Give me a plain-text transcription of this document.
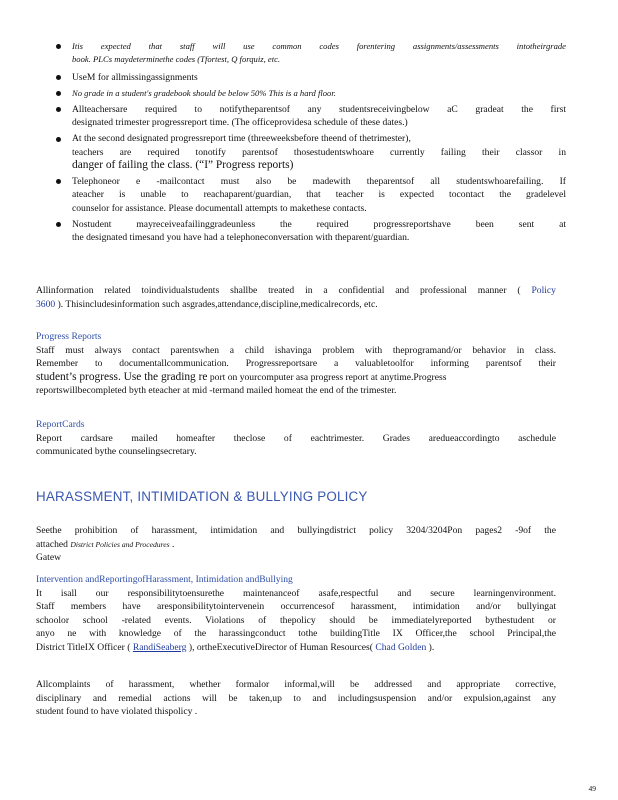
Itis expected that staff will use common codes forentering assignments/assessments intotheirgrade
book. PLCs maydeterminethe codes (Tfortest, Q forquiz, etc.
UseM for allmissingassignments
No grade in a student's gradebook should be below 50% This is a hard floor.
Allteachersare required to notifytheparentsof any studentsreceivingbelow aC gradeat the first
designated trimester progressreport time. (The officeprovidesa schedule of these dates.)
At the second designated progressreport time (threeweeksbefore theend of thetrimester),
teachers are required tonotify parentsof thosestudentswhoare currently failing their classor in
danger of failing the class. (“I” Progress reports)
Telephoneor e -mailcontact must also be madewith theparentsof all studentswhoarefailing. If
ateacher is unable to reachaparent/guardian, that teacher is expected tocontact the gradelevel
counselor for assistance. Please documentall attempts to makethese contacts.
Nostudent mayreceiveafailinggradeunless the required progressreportshave been sent at
the designated timesand you have had a telephoneconversation with theparent/guardian.

Allinformation related toindividualstudents shallbe treated in a confidential and professional manner ( Policy

3600 ). Thisincludesinformation such asgrades,attendance,discipline,medicalrecords, etc.

Progress Reports

Staff must always contact parentswhen a child ishavinga problem with theprogramand/or behavior in class.

Remember to documentallcommunication. Progressreportsare a valuabletoolfor informing parentsof their

student’s progress. Use the grading re port on yourcomputer asa progress report at anytime.Progress

reportswillbecompleted byth eteacher at mid -termand mailed homeat the end of the trimester.

ReportCards

Report cardsare mailed homeafter theclose of eachtrimester. Grades aredueaccordingto aschedule

communicated bythe counselingsecretary.

HARASSMENT, INTIMIDATION & BULLYING POLICY

Seethe prohibition of harassment, intimidation and bullyingdistrict policy 3204/3204Pon pages2 -9of the

attached District Policies and Procedures .

Gatew

Intervention andReportingofHarassment, Intimidation andBullying

It isall our responsibilitytoensurethe maintenanceof asafe,respectful and secure learningenvironment.

Staff members have aresponsibilitytointervenein occurrencesof harassment, intimidation and/or bullyingat

schoolor school -related events. Violations of thepolicy should be immediatelyreported bythestudent or

anyo ne with knowledge of the harassingconduct tothe buildingTitle IX Officer,the school Principal,the

District TitleIX Officer ( RandiSeaberg ), ortheExecutiveDirector of Human Resources( Chad Golden ).

Allcomplaints of harassment, whether formalor informal,will be addressed and appropriate corrective,

disciplinary and remedial actions will be taken,up to and includingsuspension and/or expulsion,against any

student found to have violated thispolicy .

49
